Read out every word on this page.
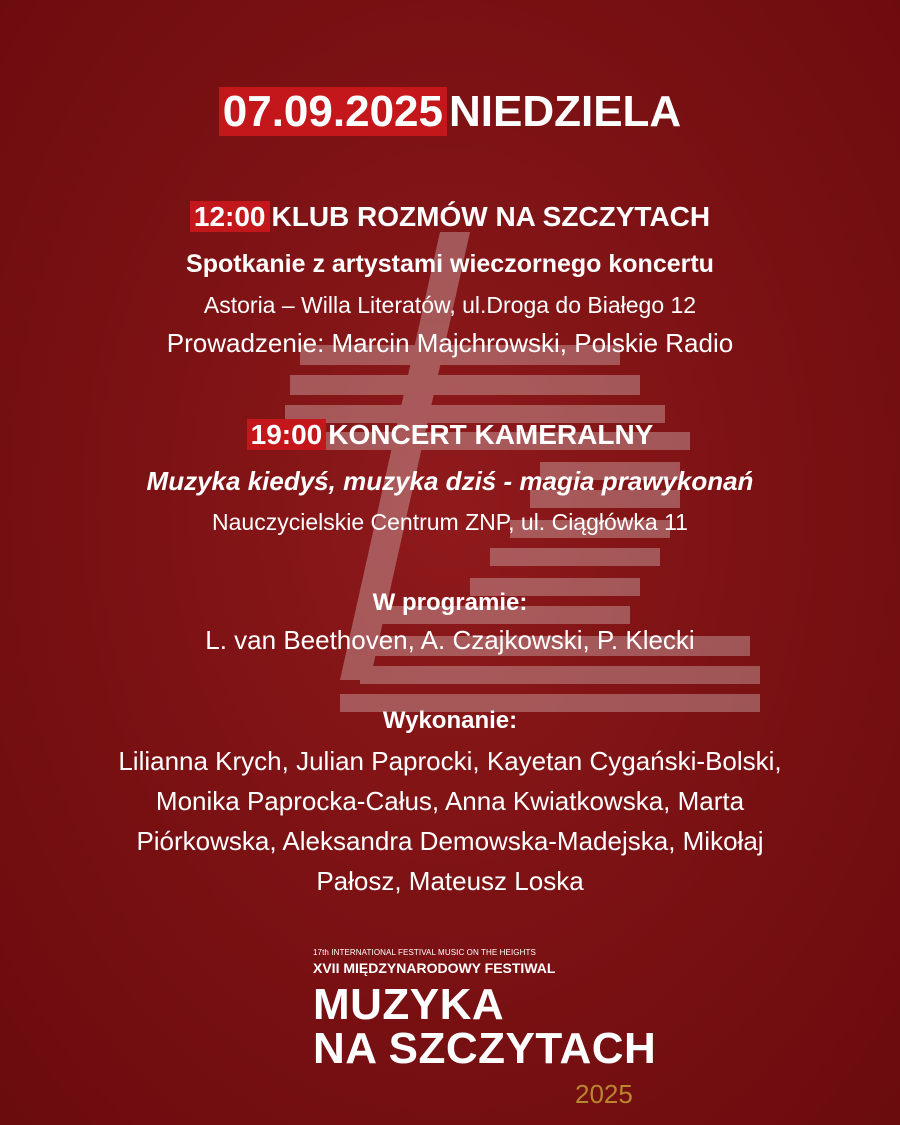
07.09.2025 NIEDZIELA
12:00 KLUB ROZMÓW NA SZCZYTACH
Spotkanie z artystami wieczornego koncertu
Astoria – Willa Literatów, ul.Droga do Białego 12
Prowadzenie: Marcin Majchrowski, Polskie Radio
19:00 KONCERT KAMERALNY
Muzyka kiedyś, muzyka dziś - magia prawykonań
Nauczycielskie Centrum ZNP, ul. Ciągłówka 11
W programie:
L. van Beethoven, A. Czajkowski, P. Klecki
Wykonanie:
Lilianna Krych, Julian Paprocki, Kayetan Cygański-Bolski,
Monika Paprocka-Całus, Anna Kwiatkowska, Marta
Piórkowska, Aleksandra Demowska-Madejska, Mikołaj
Pałosz, Mateusz Loska
17th INTERNATIONAL FESTIVAL MUSIC ON THE HEIGHTS
XVII MIĘDZYNARODOWY FESTIWAL
MUZYKA
NA SZCZYTACH
2025
